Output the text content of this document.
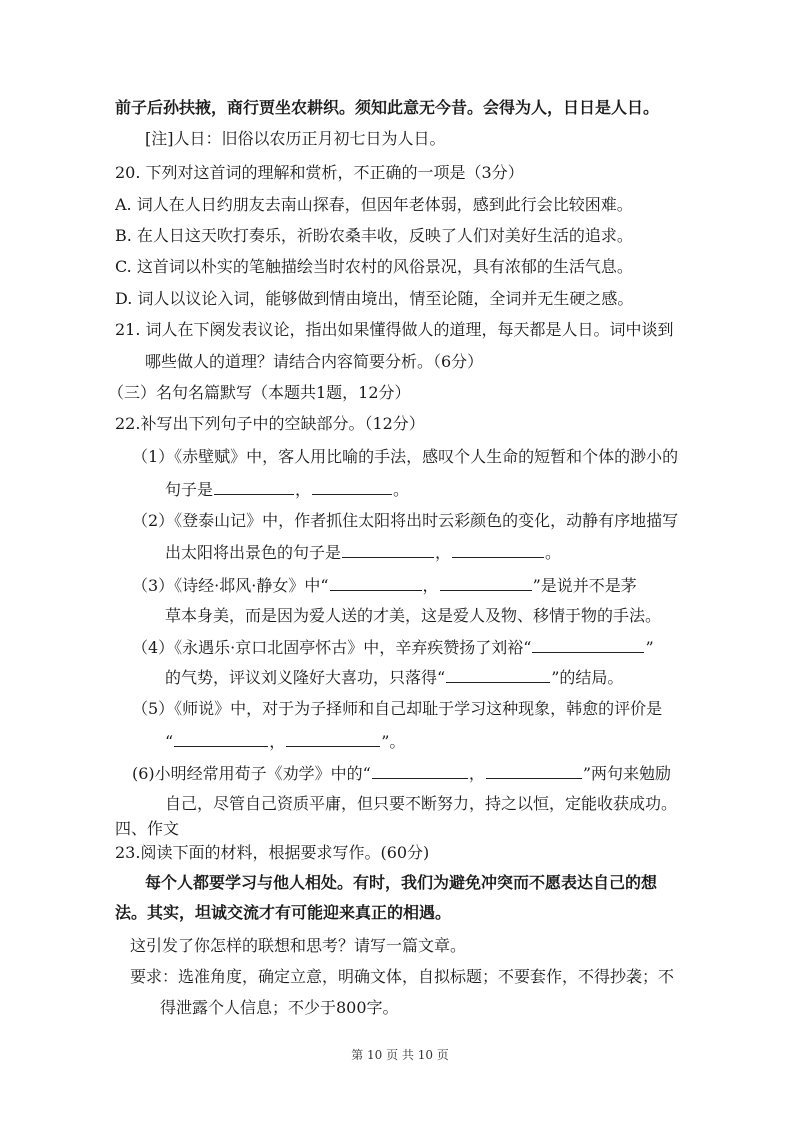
前子后孙扶掖，商行贾坐农耕织。须知此意无今昔。会得为人，日日是人日。
[注]人日：旧俗以农历正月初七日为人日。
20. 下列对这首词的理解和赏析，不正确的一项是（3分）
A. 词人在人日约朋友去南山探春，但因年老体弱，感到此行会比较困难。
B. 在人日这天吹打奏乐，祈盼农桑丰收，反映了人们对美好生活的追求。
C. 这首词以朴实的笔触描绘当时农村的风俗景况，具有浓郁的生活气息。
D. 词人以议论入词，能够做到情由境出，情至论随，全词并无生硬之感。
21. 词人在下阕发表议论，指出如果懂得做人的道理，每天都是人日。词中谈到
哪些做人的道理？请结合内容简要分析。（6分）
（三）名句名篇默写（本题共1题，12分）
22.补写出下列句子中的空缺部分。（12分）
（1）《赤壁赋》中，客人用比喻的手法，感叹个人生命的短暂和个体的渺小的
句子是	，	。
（2）《登泰山记》中，作者抓住太阳将出时云彩颜色的变化，动静有序地描写
出太阳将出景色的句子是	，	。
（3）《诗经·邶风·静女》中“	，	”是说并不是茅
草本身美，而是因为爱人送的才美，这是爱人及物、移情于物的手法。
（4）《永遇乐·京口北固亭怀古》中，辛弃疾赞扬了刘裕“	”
的气势，评议刘义隆好大喜功，只落得“	”的结局。
（5）《师说》中，对于为子择师和自己却耻于学习这种现象，韩愈的评价是
“	，	”。
(6)小明经常用荀子《劝学》中的“	，	”两句来勉励
自己，尽管自己资质平庸，但只要不断努力，持之以恒，定能收获成功。
四、作文
23.阅读下面的材料，根据要求写作。(60分)
每个人都要学习与他人相处。有时，我们为避免冲突而不愿表达自己的想
法。其实，坦诚交流才有可能迎来真正的相遇。
这引发了你怎样的联想和思考？请写一篇文章。
要求：选准角度，确定立意，明确文体，自拟标题；不要套作，不得抄袭；不
得泄露个人信息；不少于800字。
第 10 页 共 10 页
